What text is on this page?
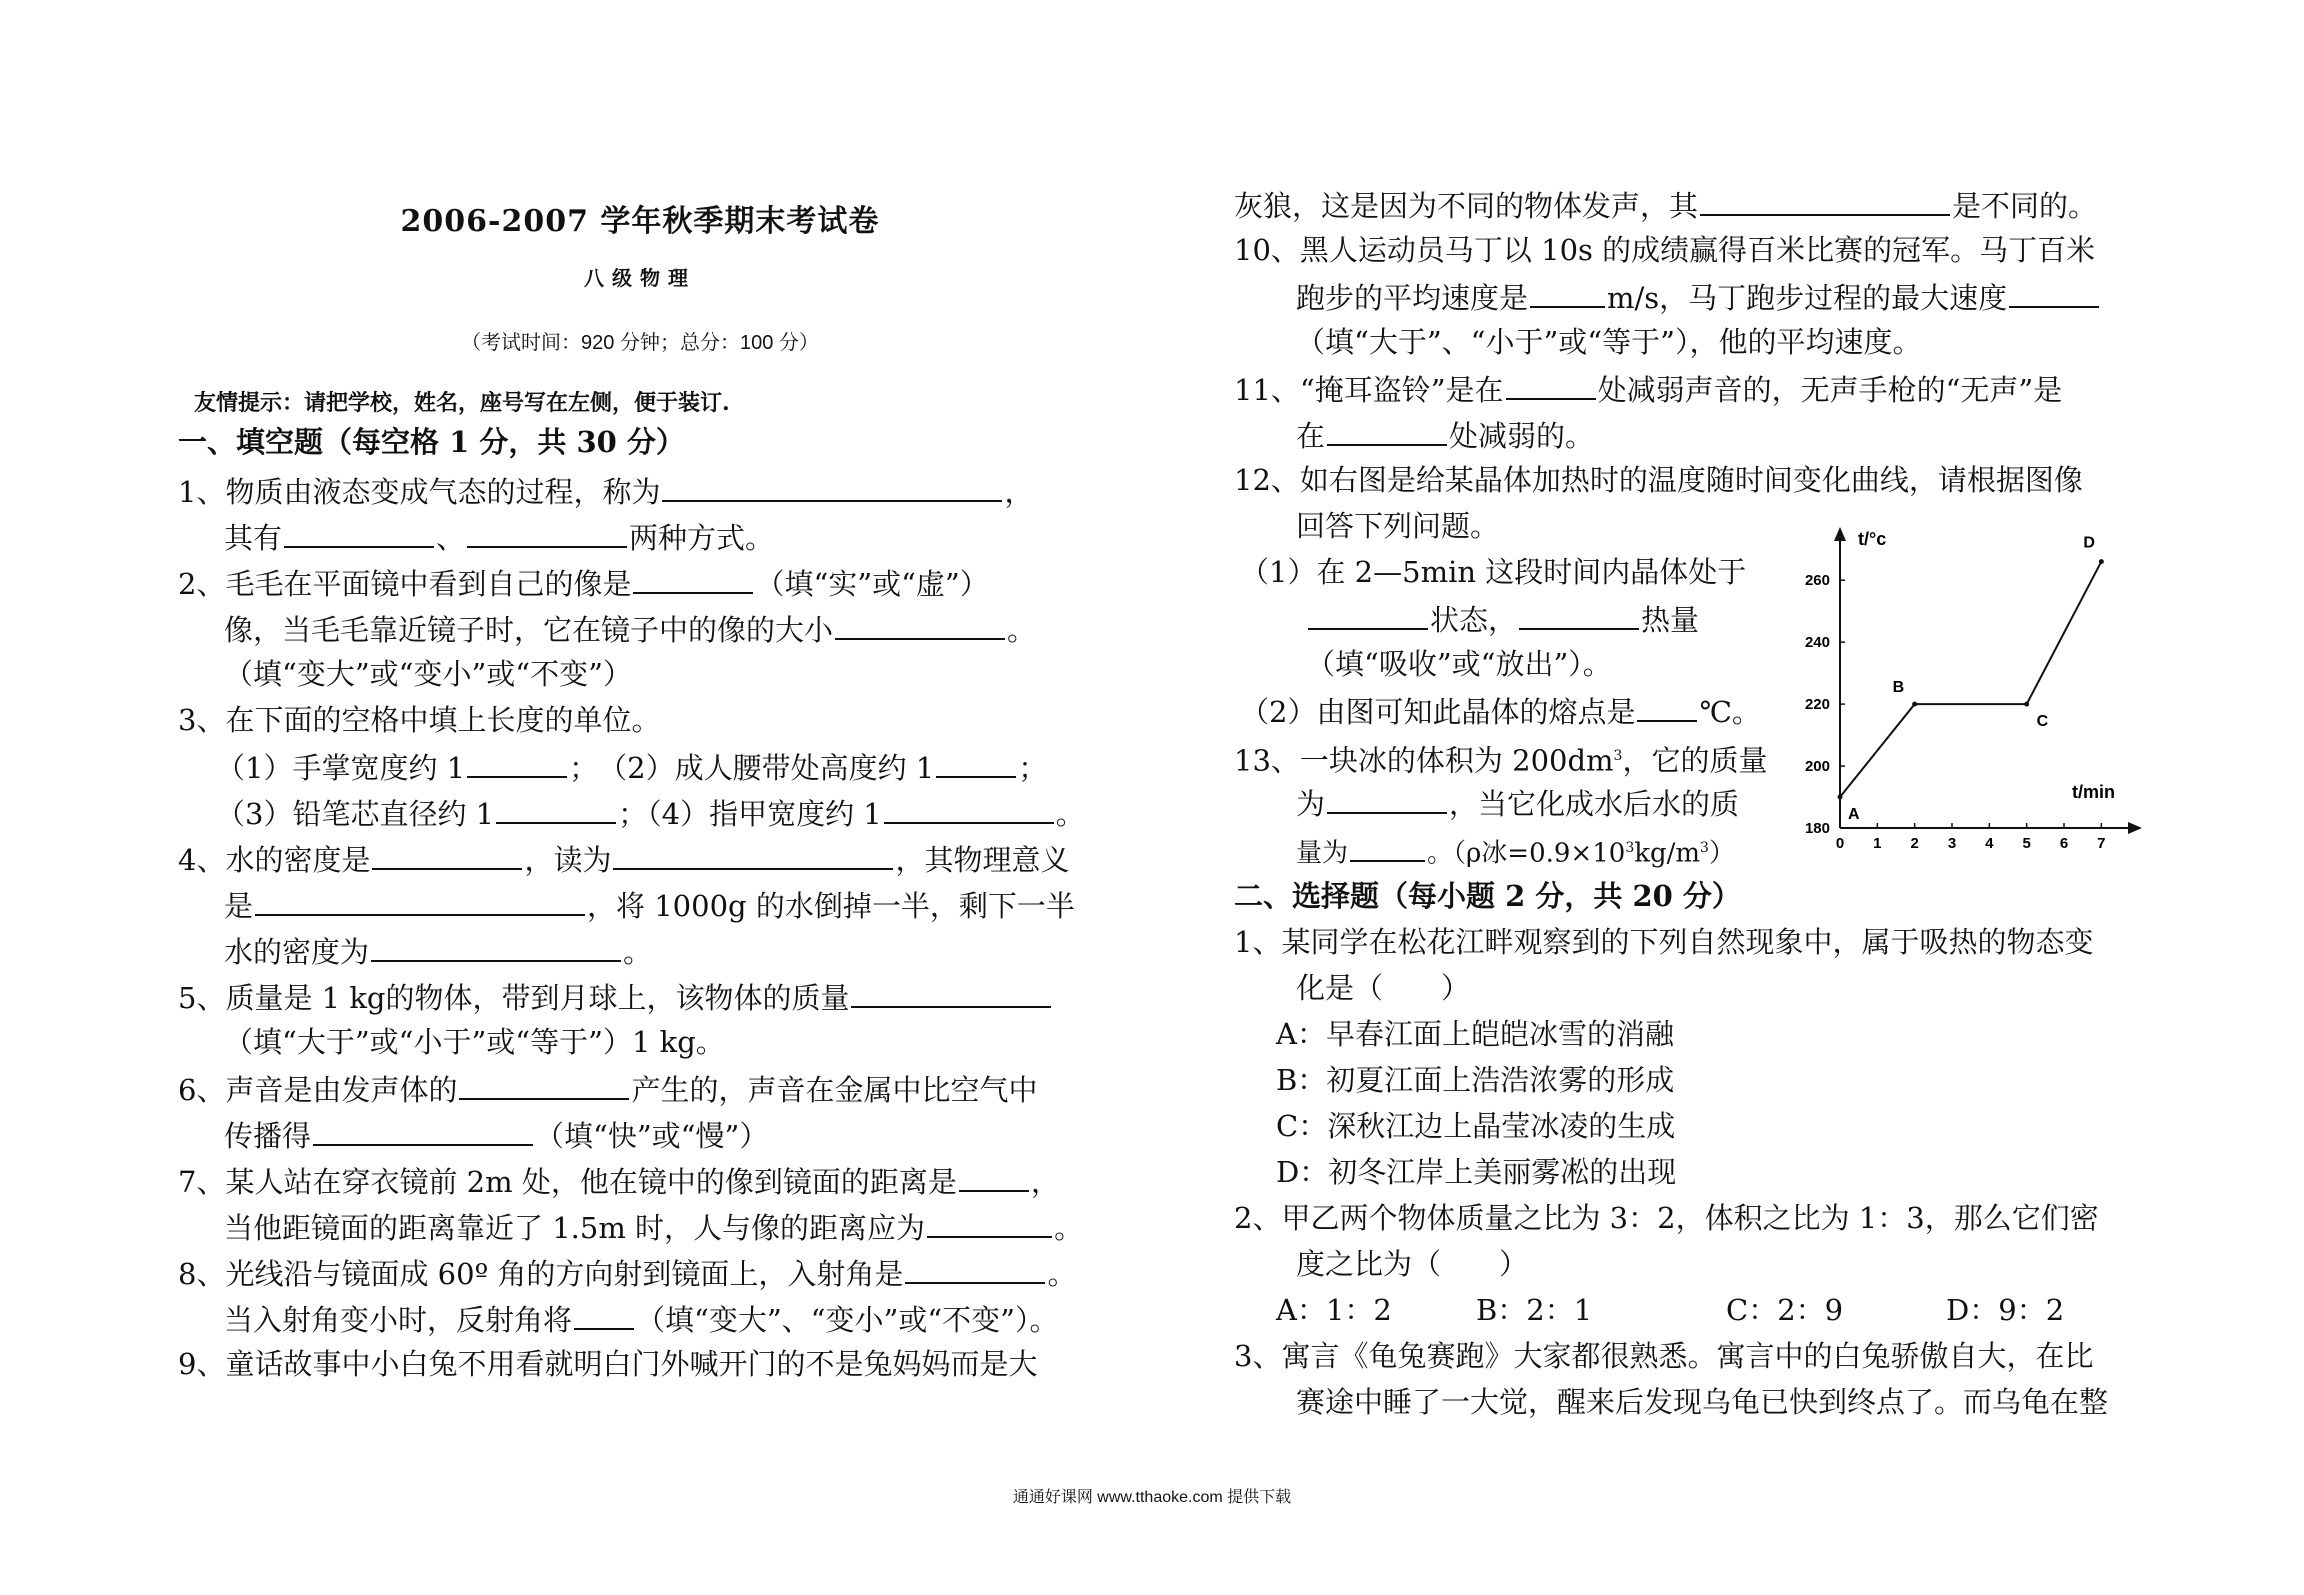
2006-2007 学年秋季期末考试卷
八级物理
（考试时间：920 分钟；总分：100 分）
友情提示：请把学校，姓名，座号写在左侧，便于装订.
一、填空题（每空格 1 分，共 30 分）
1、物质由液态变成气态的过程，称为	，
其有	、	两种方式。
2、毛毛在平面镜中看到自己的像是	（填“实”或“虚”）
像，当毛毛靠近镜子时，它在镜子中的像的大小	。
（填“变大”或“变小”或“不变”）
3、在下面的空格中填上长度的单位。
（1）手掌宽度约 1	；　（2）成人腰带处高度约 1	；
（3）铅笔芯直径约 1	；（4）指甲宽度约 1	。
4、水的密度是	，读为	，其物理意义
是	，将 1000g 的水倒掉一半，剩下一半
水的密度为	。
5、质量是 1 kg的物体，带到月球上，该物体的质量
（填“大于”或“小于”或“等于”）1 kg。
6、声音是由发声体的	产生的，声音在金属中比空气中
传播得	（填“快”或“慢”）
7、某人站在穿衣镜前 2m 处，他在镜中的像到镜面的距离是	，
当他距镜面的距离靠近了 1.5m 时，人与像的距离应为	。
8、光线沿与镜面成 60º 角的方向射到镜面上，入射角是	。
当入射角变小时，反射角将 （填“变大”、“变小”或“不变”）。
9、童话故事中小白兔不用看就明白门外喊开门的不是兔妈妈而是大
灰狼，这是因为不同的物体发声，其	是不同的。
10、黑人运动员马丁以 10s 的成绩赢得百米比赛的冠军。马丁百米
跑步的平均速度是	m/s，马丁跑步过程的最大速度
（填“大于”、“小于”或“等于”），他的平均速度。
11、“掩耳盗铃”是在	处减弱声音的，无声手枪的“无声”是
在	处减弱的。
12、如右图是给某晶体加热时的温度随时间变化曲线，请根据图像
回答下列问题。
（1）在 2—5min 这段时间内晶体处于
状态，	热量
（填“吸收”或“放出”）。
（2）由图可知此晶体的熔点是 ℃。
13、一块冰的体积为 $200dm^3$，它的质量
为	，当它化成水后水的质
量为	。（ρ冰$=0.9\times 10^3kg/m^3$）
二、选择题（每小题 2 分，共 20 分）
1、某同学在松花江畔观察到的下列自然现象中，属于吸热的物态变
化是（　　）
A：早春江面上皑皑冰雪的消融
B：初夏江面上浩浩浓雾的形成
C：深秋江边上晶莹冰凌的生成
D：初冬江岸上美丽雾凇的出现
2、甲乙两个物体质量之比为 3：2，体积之比为 1：3，那么它们密
度之比为（　　）
A：1：2	B：2：1	C：2：9	D：9：2
3、寓言《龟兔赛跑》大家都很熟悉。寓言中的白兔骄傲自大，在比
赛途中睡了一大觉，醒来后发现乌龟已快到终点了。而乌龟在整
t/°c
t/min
0 1 2 3 4 5 6 7
180
200
220
240
260
A
B
C
D
通通好课网 www.tthaoke.com 提供下载
